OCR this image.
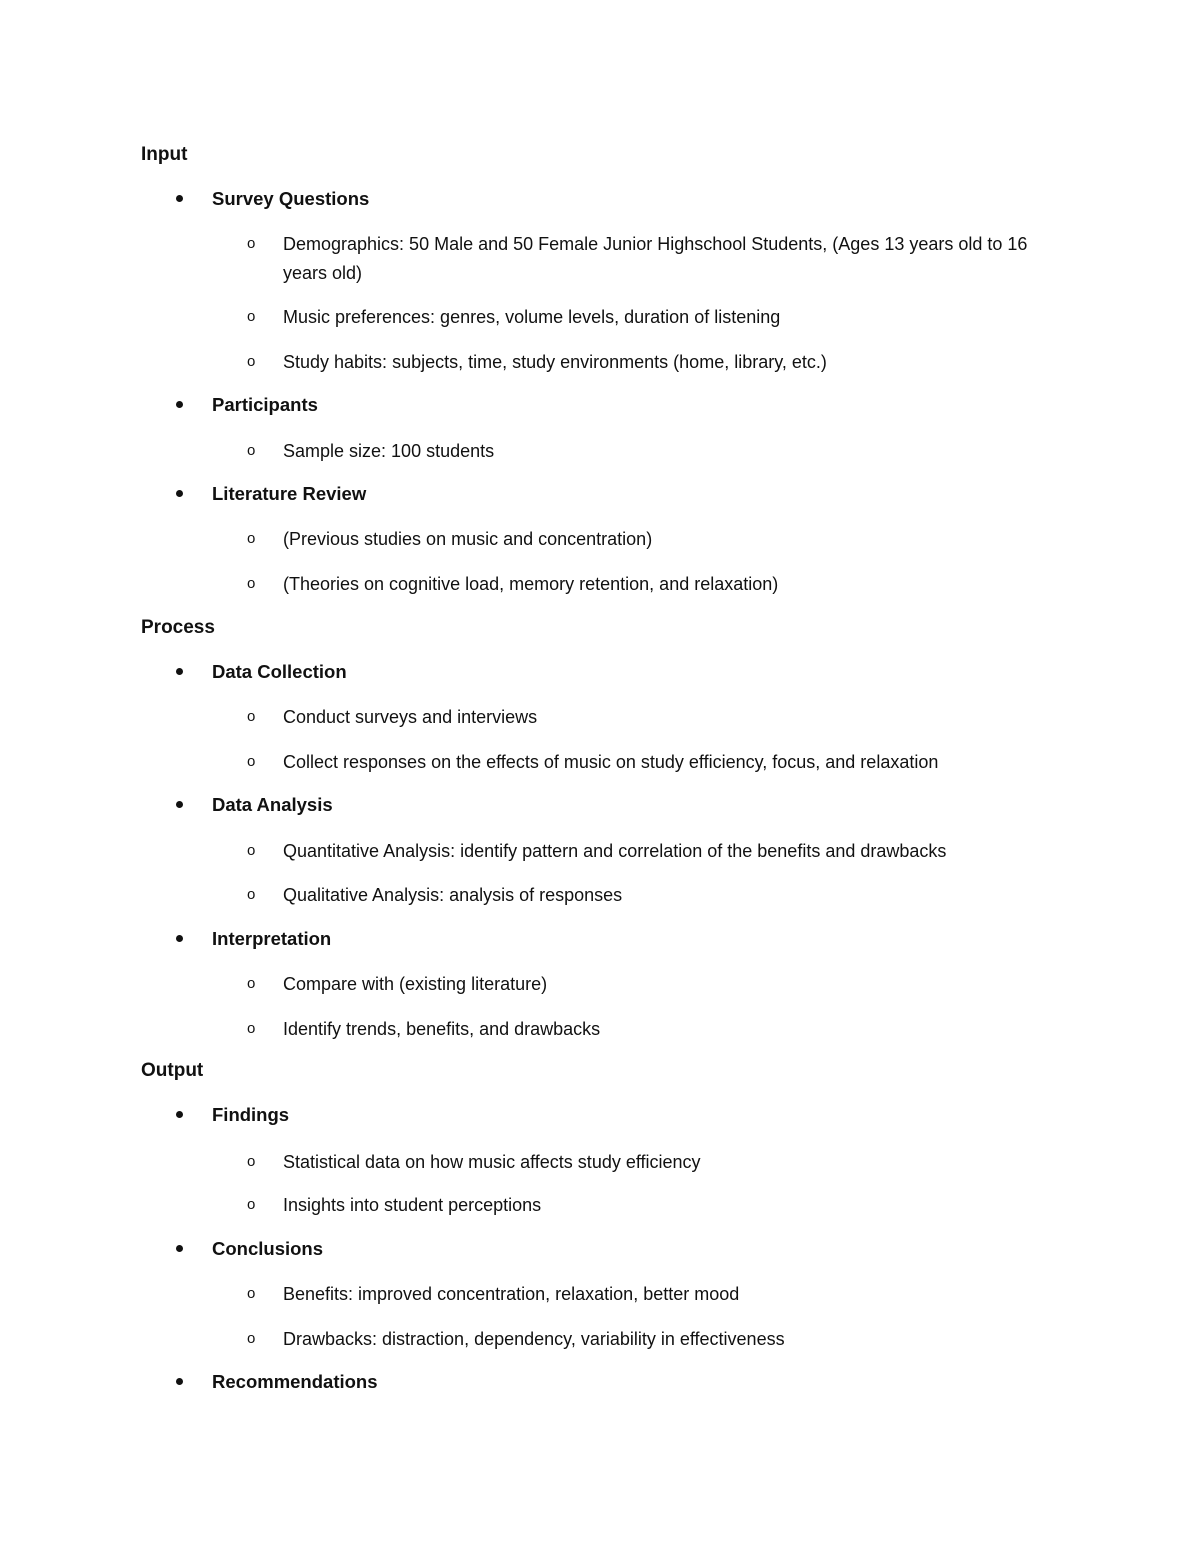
Input
Survey Questions
o Demographics: 50 Male and 50 Female Junior Highschool Students, (Ages 13 years old to 16 years old)
o Music preferences: genres, volume levels, duration of listening
o Study habits: subjects, time, study environments (home, library, etc.)
Participants
o Sample size: 100 students
Literature Review
o (Previous studies on music and concentration)
o (Theories on cognitive load, memory retention, and relaxation)
Process
Data Collection
o Conduct surveys and interviews
o Collect responses on the effects of music on study efficiency, focus, and relaxation
Data Analysis
o Quantitative Analysis: identify pattern and correlation of the benefits and drawbacks
o Qualitative Analysis: analysis of responses
Interpretation
o Compare with (existing literature)
o Identify trends, benefits, and drawbacks
Output
Findings
o Statistical data on how music affects study efficiency
o Insights into student perceptions
Conclusions
o Benefits: improved concentration, relaxation, better mood
o Drawbacks: distraction, dependency, variability in effectiveness
Recommendations
